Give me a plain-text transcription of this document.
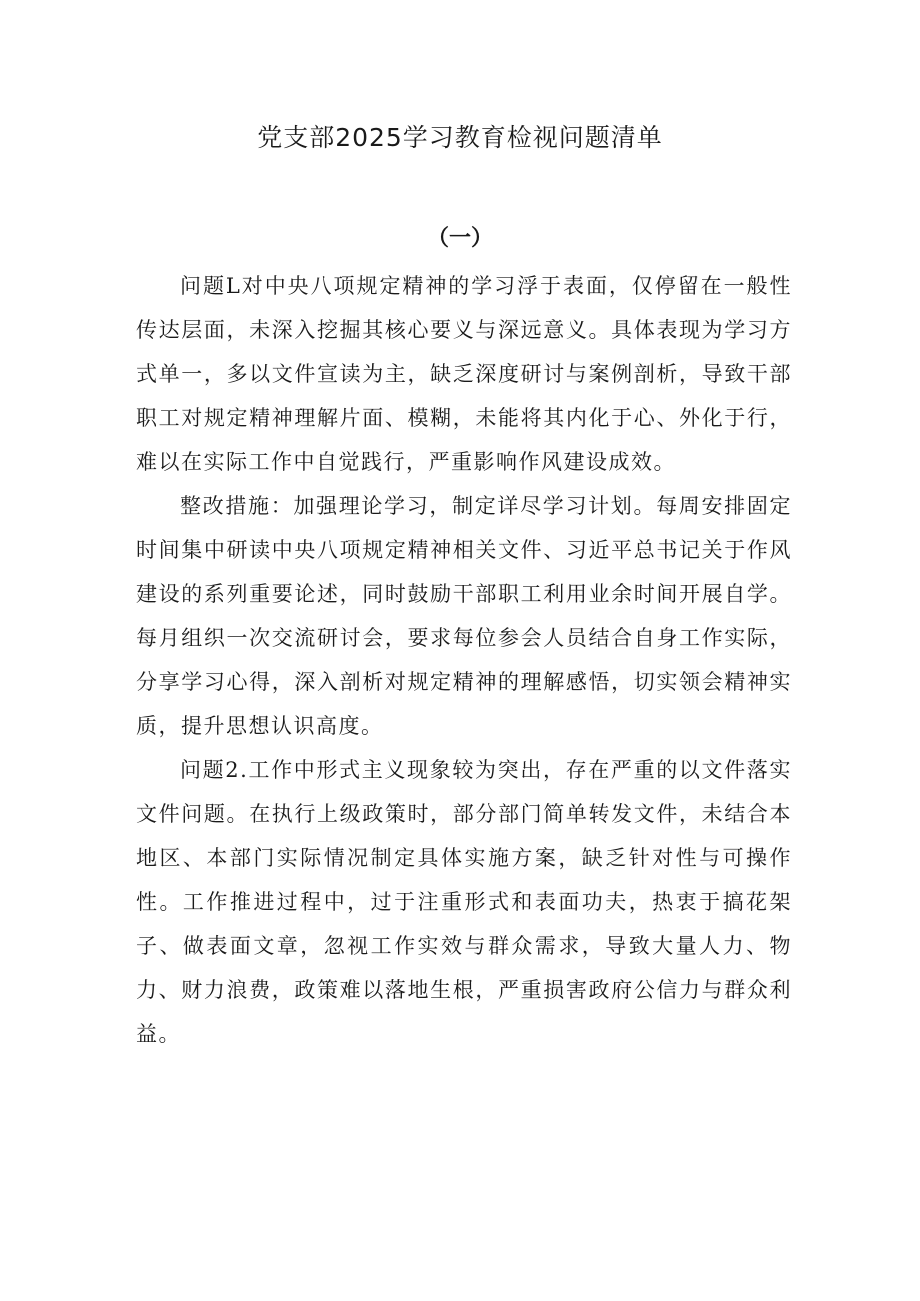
党支部2025学习教育检视问题清单
（一）

问题L对中央八项规定精神的学习浮于表面，仅停留在一般性传达层面，未深入挖掘其核心要义与深远意义。具体表现为学习方式单一，多以文件宣读为主，缺乏深度研讨与案例剖析，导致干部职工对规定精神理解片面、模糊，未能将其内化于心、外化于行，难以在实际工作中自觉践行，严重影响作风建设成效。

整改措施：加强理论学习，制定详尽学习计划。每周安排固定时间集中研读中央八项规定精神相关文件、习近平总书记关于作风建设的系列重要论述，同时鼓励干部职工利用业余时间开展自学。每月组织一次交流研讨会，要求每位参会人员结合自身工作实际，分享学习心得，深入剖析对规定精神的理解感悟，切实领会精神实质，提升思想认识高度。

问题2.工作中形式主义现象较为突出，存在严重的以文件落实文件问题。在执行上级政策时，部分部门简单转发文件，未结合本地区、本部门实际情况制定具体实施方案，缺乏针对性与可操作性。工作推进过程中，过于注重形式和表面功夫，热衷于搞花架子、做表面文章，忽视工作实效与群众需求，导致大量人力、物力、财力浪费，政策难以落地生根，严重损害政府公信力与群众利益。
